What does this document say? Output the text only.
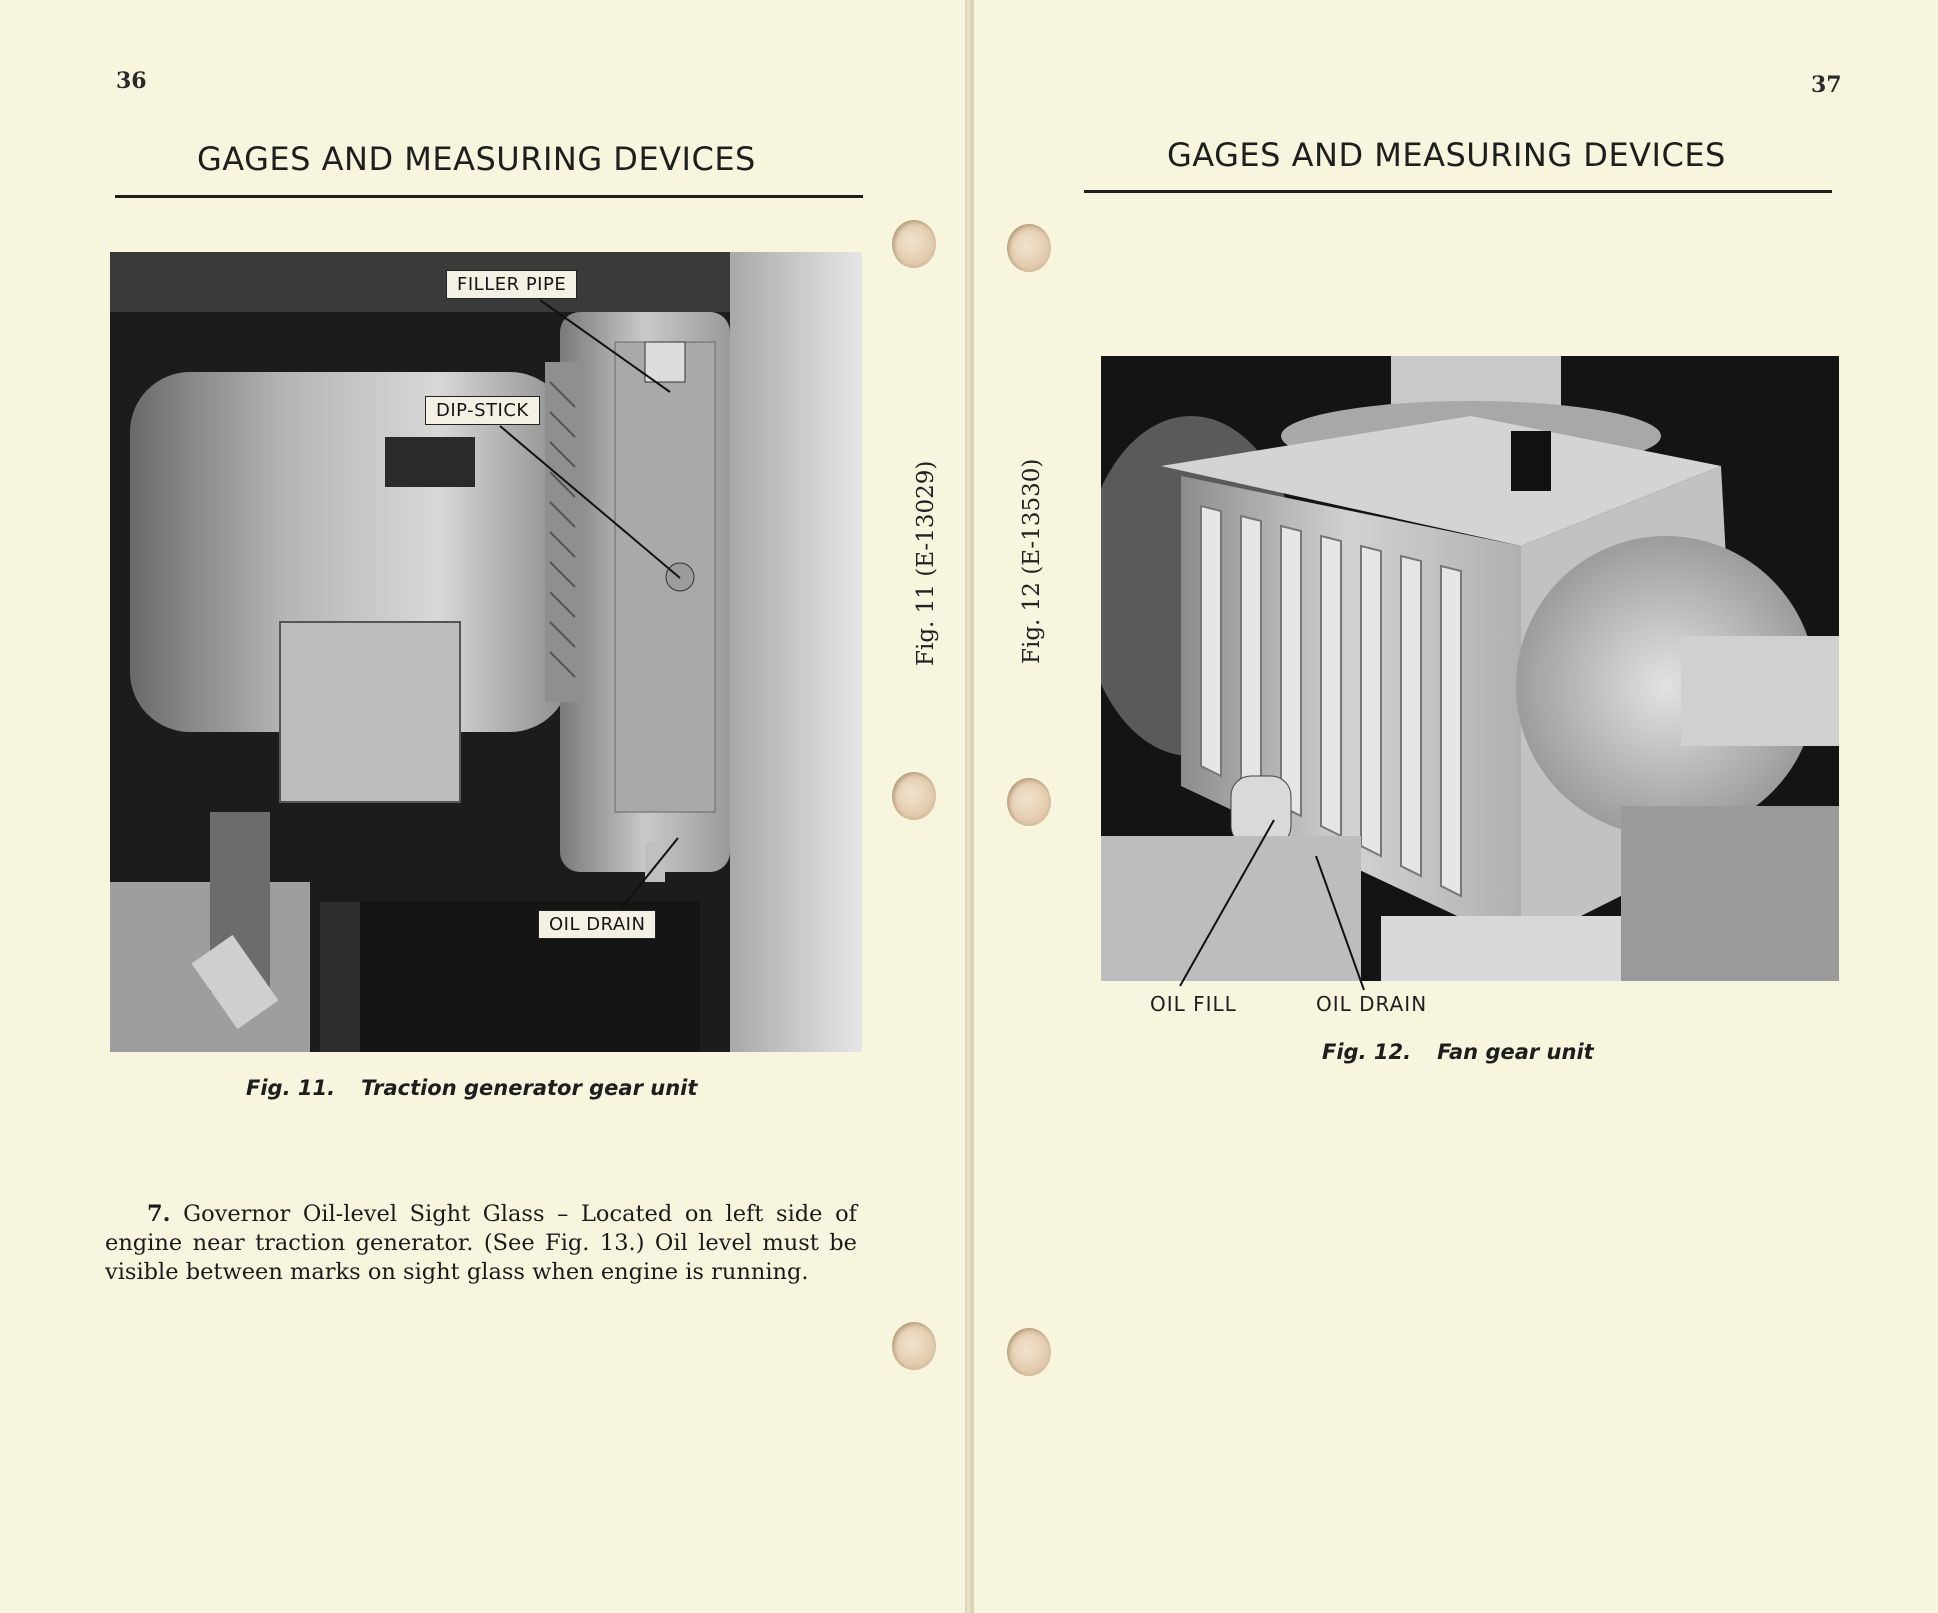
36
GAGES AND MEASURING DEVICES
FILLER PIPE
DIP-STICK
OIL DRAIN
Fig. 11 (E-13029)
Fig. 11. Traction generator gear unit
7. Governor Oil-level Sight Glass – Located on left side of engine near traction generator. (See Fig. 13.) Oil level must be visible between marks on sight glass when engine is running.
37
GAGES AND MEASURING DEVICES
OIL FILL	OIL DRAIN
Fig. 12 (E-13530)
Fig. 12. Fan gear unit
